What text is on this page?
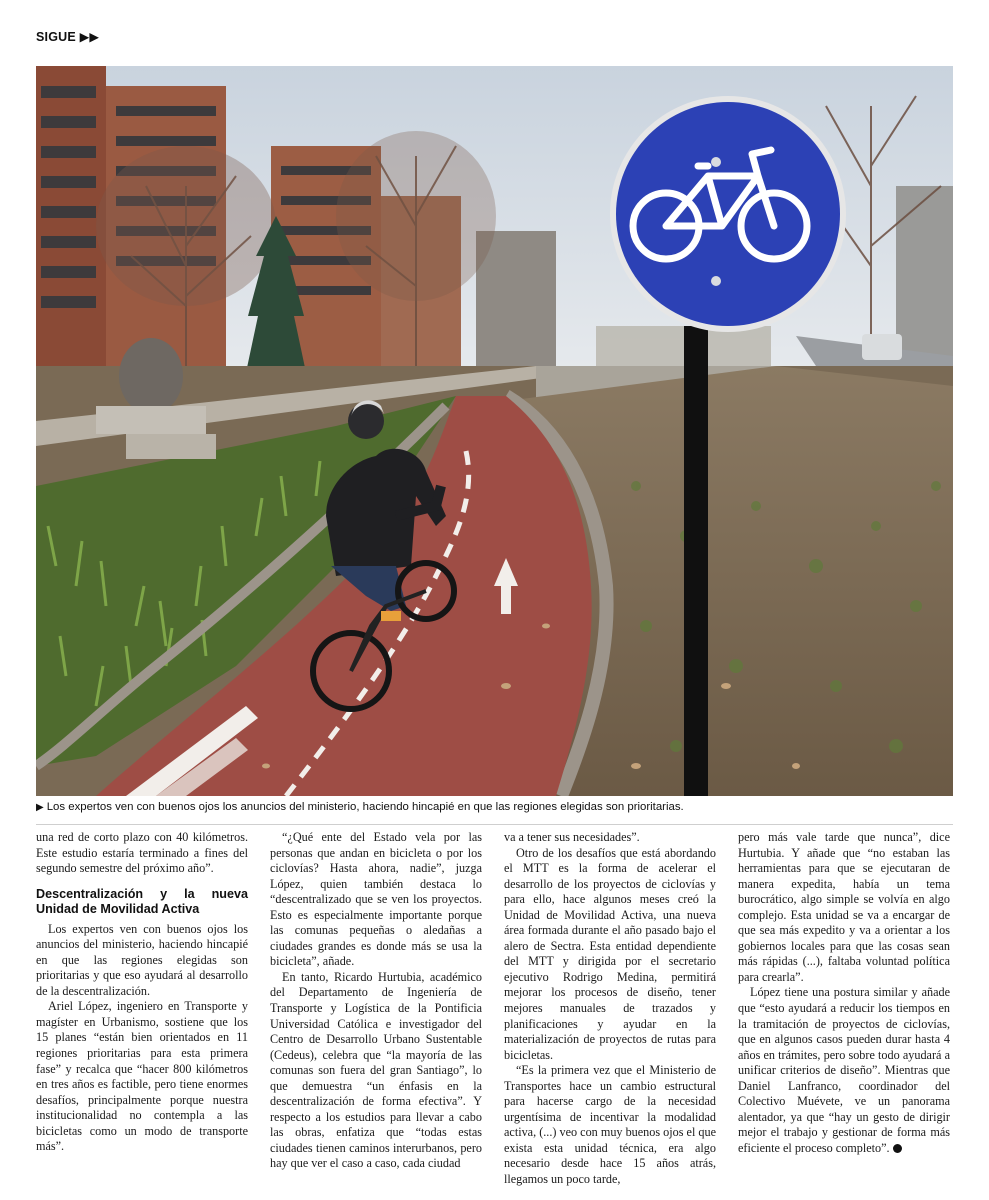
SIGUE ▶▶
▶ Los expertos ven con buenos ojos los anuncios del ministerio, haciendo hincapié en que las regiones elegidas son prioritarias.

una red de corto plazo con 40 kilómetros. Este estudio estaría terminado a fines del segundo semestre del próximo año”.

Descentralización y la nueva Unidad de Movilidad Activa

Los expertos ven con buenos ojos los anuncios del ministerio, haciendo hincapié en que las regiones elegidas son prioritarias y que eso ayudará al desarrollo de la descentralización.

Ariel López, ingeniero en Transporte y magíster en Urbanismo, sostiene que los 15 planes “están bien orientados en 11 regiones prioritarias para esta primera fase” y recalca que “hacer 800 kilómetros en tres años es factible, pero tiene enormes desafíos, principalmente porque nuestra institucionalidad no contempla a las bicicletas como un modo de transporte más”.

“¿Qué ente del Estado vela por las personas que andan en bicicleta o por los ciclovías? Hasta ahora, nadie”, juzga López, quien también destaca lo “descentralizado que se ven los proyectos. Esto es especialmente importante porque las comunas pequeñas o aledañas a ciudades grandes es donde más se usa la bicicleta”, añade.

En tanto, Ricardo Hurtubia, académico del Departamento de Ingeniería de Transporte y Logística de la Pontificia Universidad Católica e investigador del Centro de Desarrollo Urbano Sustentable (Cedeus), celebra que “la mayoría de las comunas son fuera del gran Santiago”, lo que demuestra “un énfasis en la descentralización de forma efectiva”. Y respecto a los estudios para llevar a cabo las obras, enfatiza que “todas estas ciudades tienen caminos interurbanos, pero hay que ver el caso a caso, cada ciudad

va a tener sus necesidades”.

Otro de los desafíos que está abordando el MTT es la forma de acelerar el desarrollo de los proyectos de ciclovías y para ello, hace algunos meses creó la Unidad de Movilidad Activa, una nueva área formada durante el año pasado bajo el alero de Sectra. Esta entidad dependiente del MTT y dirigida por el secretario ejecutivo Rodrigo Medina, permitirá mejorar los procesos de diseño, tener mejores manuales de trazados y planificaciones y ayudar en la materialización de proyectos de rutas para bicicletas.

“Es la primera vez que el Ministerio de Transportes hace un cambio estructural para hacerse cargo de la necesidad urgentísima de incentivar la modalidad activa, (...) veo con muy buenos ojos el que exista esta unidad técnica, era algo necesario desde hace 15 años atrás, llegamos un poco tarde,

pero más vale tarde que nunca”, dice Hurtubia. Y añade que “no estaban las herramientas para que se ejecutaran de manera expedita, había un tema burocrático, algo simple se volvía en algo complejo. Esta unidad se va a encargar de que sea más expedito y va a orientar a los gobiernos locales para que las cosas sean más rápidas (...), faltaba voluntad política para crearla”.

López tiene una postura similar y añade que “esto ayudará a reducir los tiempos en la tramitación de proyectos de ciclovías, que en algunos casos pueden durar hasta 4 años en trámites, pero sobre todo ayudará a unificar criterios de diseño”. Mientras que Daniel Lanfranco, coordinador del Colectivo Muévete, ve un panorama alentador, ya que “hay un gesto de dirigir mejor el trabajo y gestionar de forma más eficiente el proceso completo”.
